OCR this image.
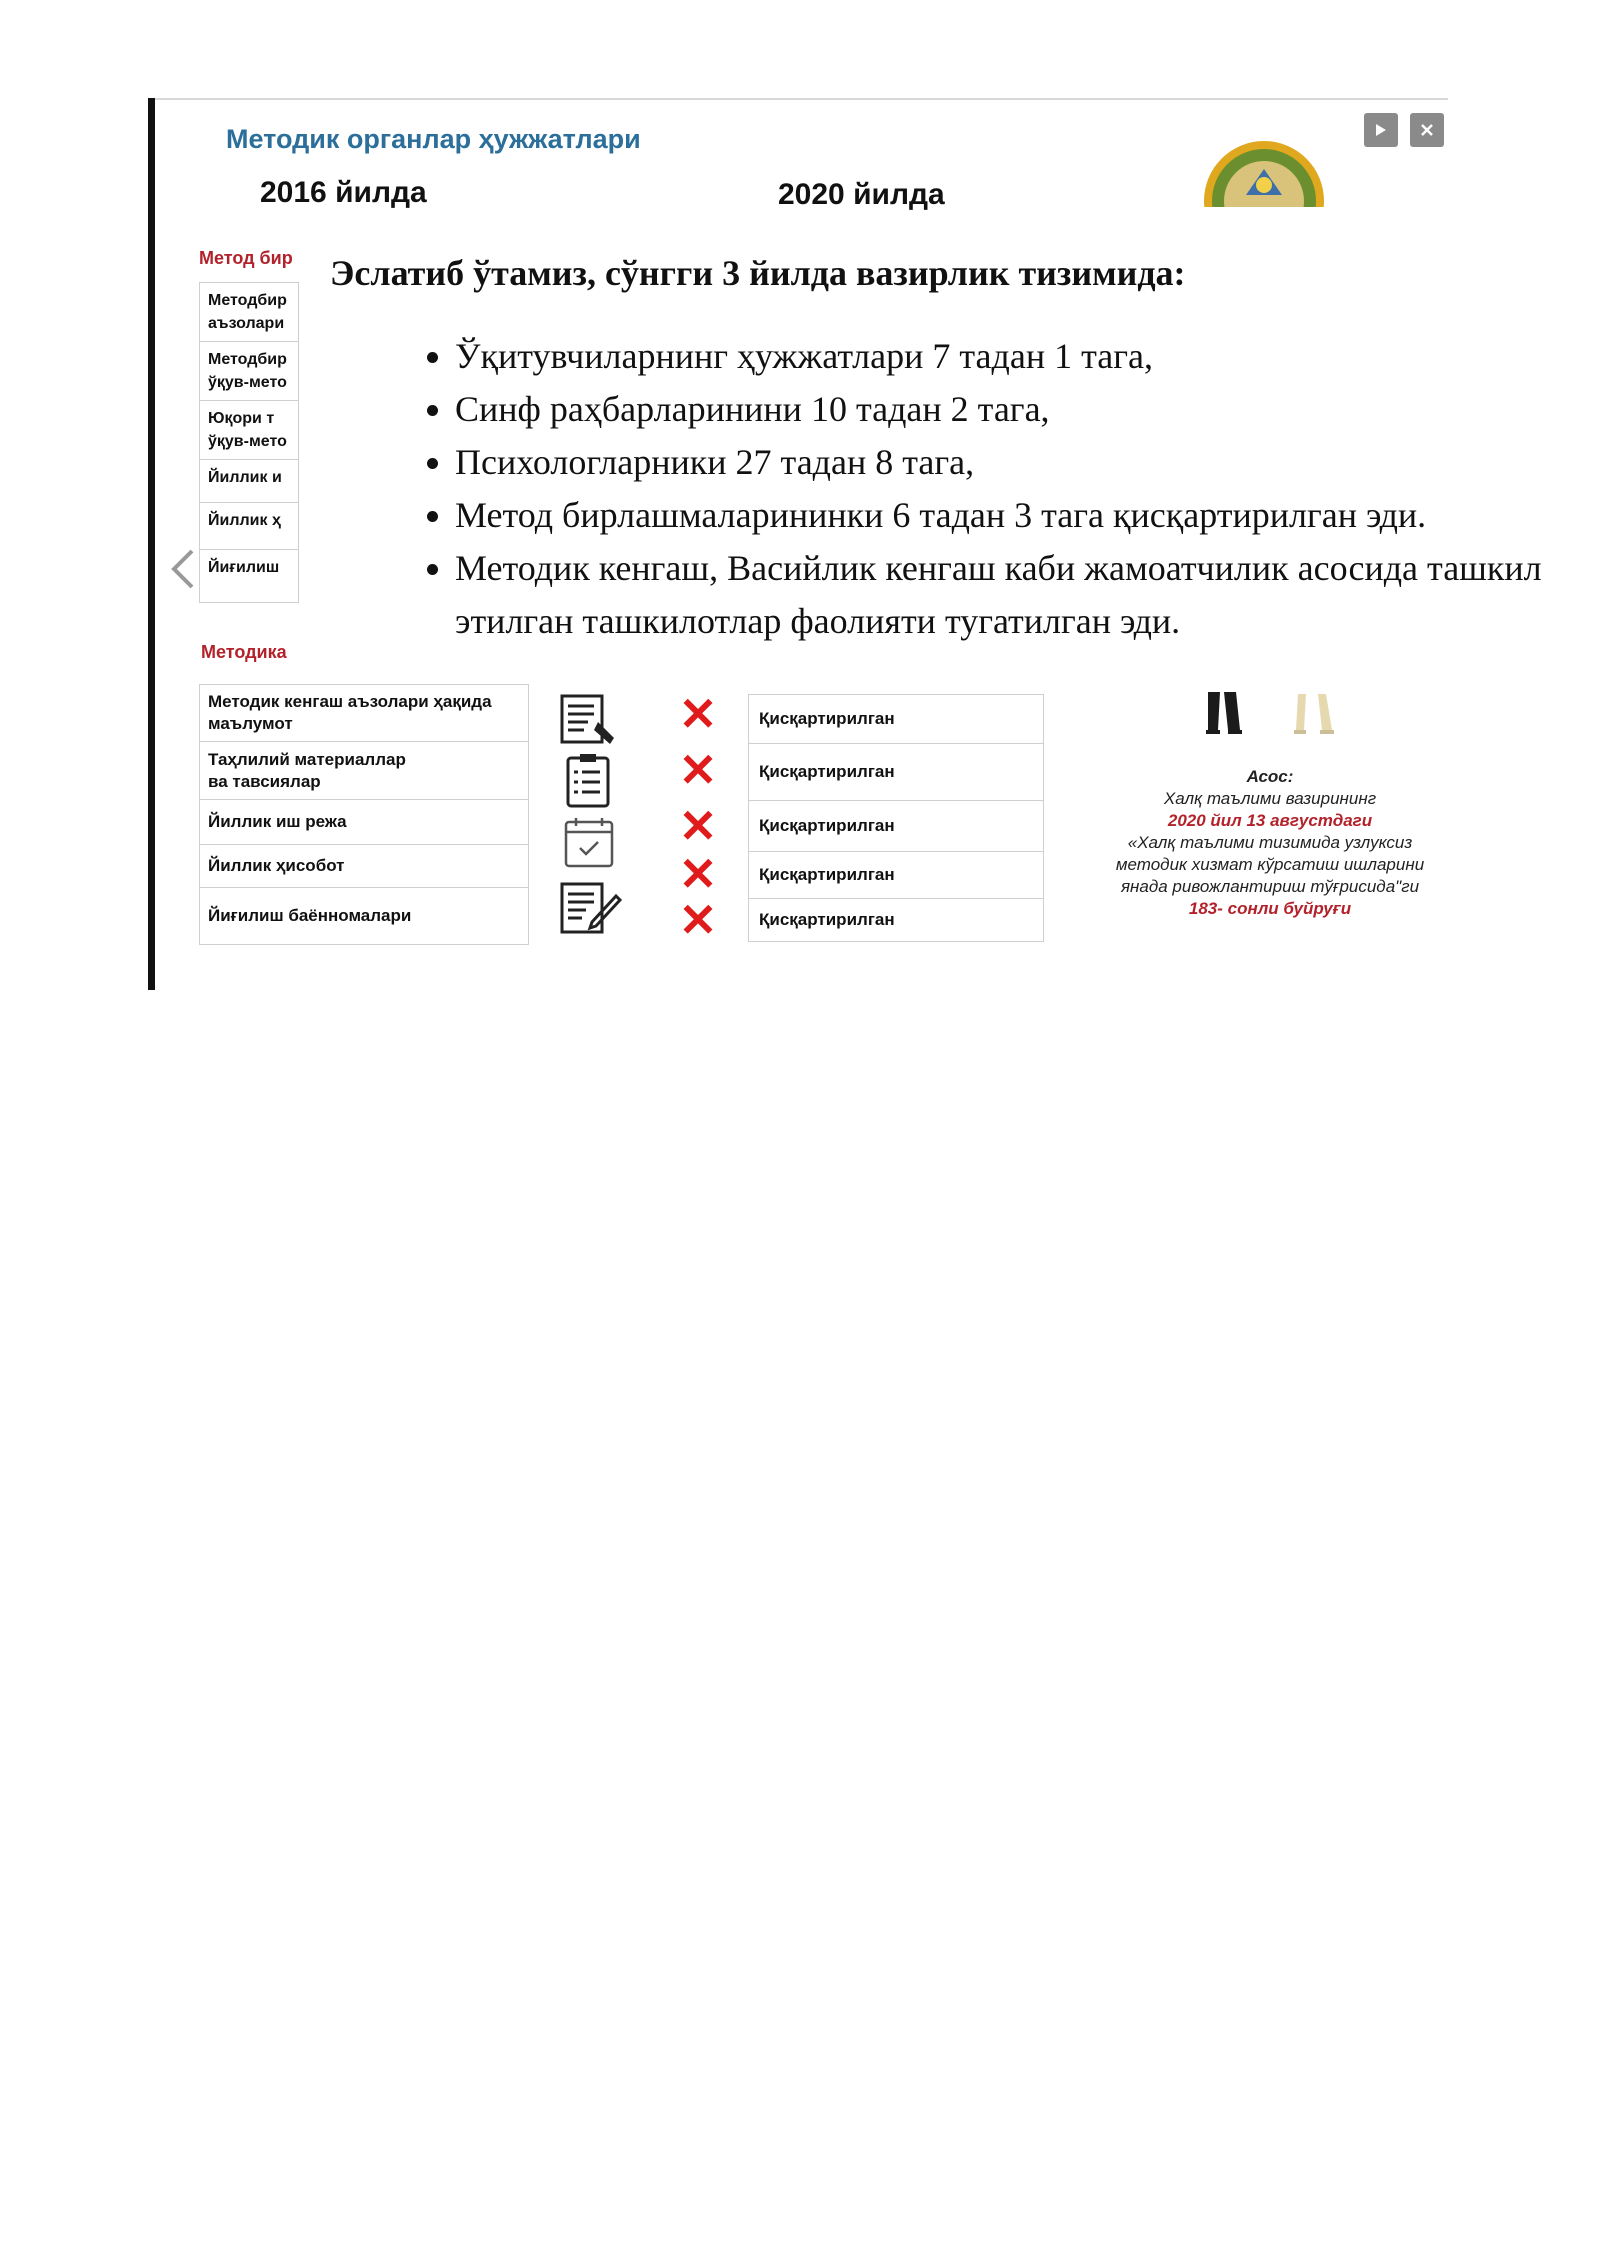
Методик органлар ҳужжатлари
2016 йилда	2020 йилда
Метод бир
Методбир
аъзолари
Методбир
ўқув-мето
Юқори т
ўқув-мето
Йиллик и
Йиллик ҳ
Йиғилиш
Методика
Эслатиб ўтамиз, сўнгги 3 йилда вазирлик тизимида:
• Ўқитувчиларнинг ҳужжатлари 7 тадан 1 тага,
• Синф раҳбарларинини 10 тадан 2 тага,
• Психологларники 27 тадан 8 тага,
• Метод бирлашмаларининки 6 тадан 3 тага қисқартирилган эди.
• Методик кенгаш, Васийлик кенгаш каби жамоатчилик асосида ташкил этилган ташкилотлар фаолияти тугатилган эди.
Методик кенгаш аъзолари ҳақида
маълумот
Таҳлилий материаллар
ва тавсиялар
Йиллик иш режа
Йиллик ҳисобот
Йиғилиш баённомалари
✕
✕
✕
✕
✕
Қисқартирилган
Қисқартирилган
Қисқартирилган
Қисқартирилган
Қисқартирилган
Асос:
Халқ таълими вазирининг
2020 йил 13 августдаги
«Халқ таълими тизимида узлуксиз
методик хизмат кўрсатиш ишларини
янада ривожлантириш тўғрисида"ги
183- сонли буйруғи
